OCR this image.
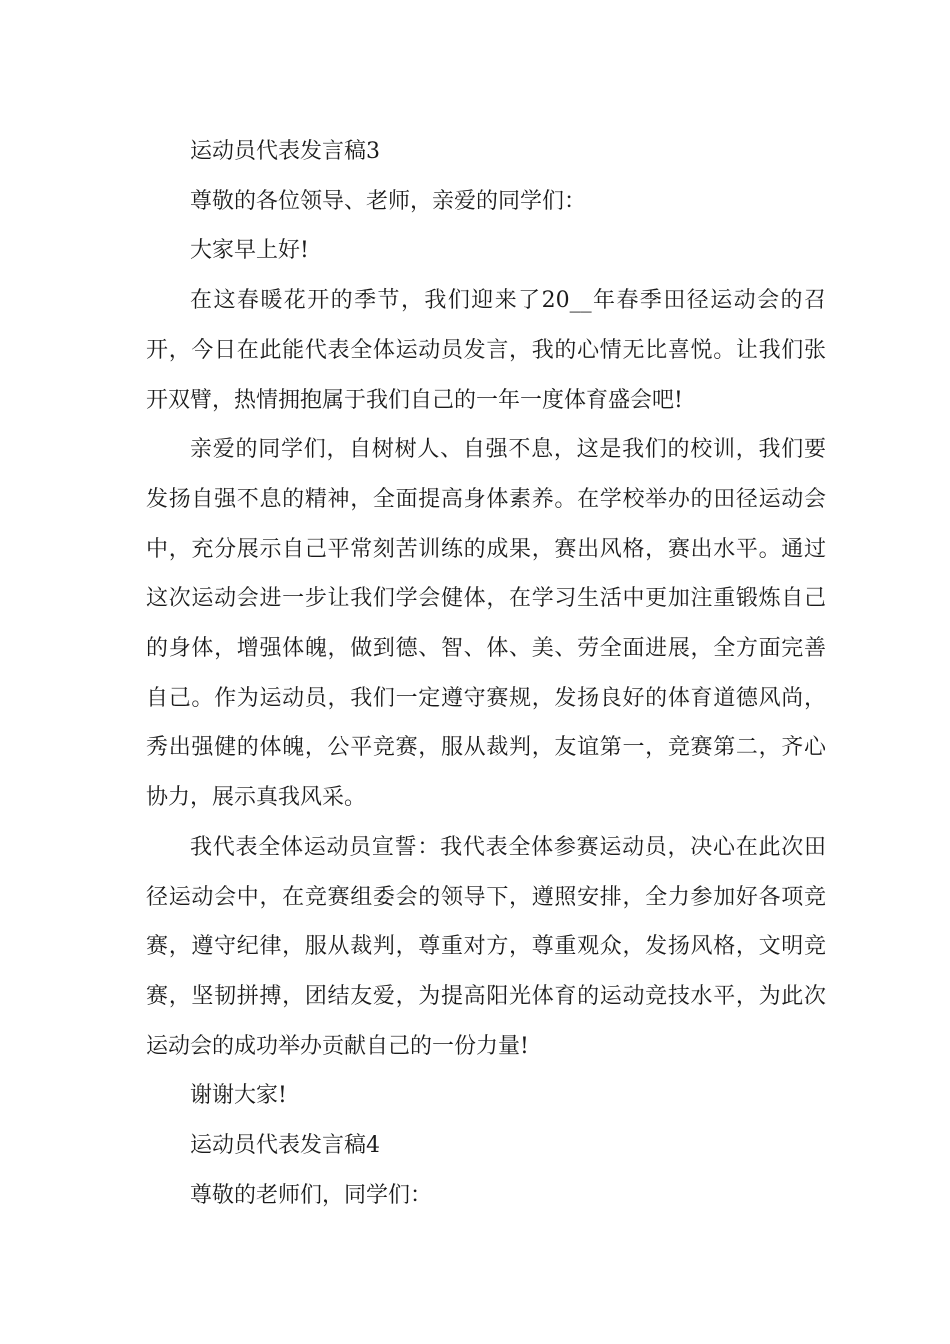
运动员代表发言稿3

尊敬的各位领导、老师，亲爱的同学们：

大家早上好!

在这春暖花开的季节，我们迎来了20__年春季田径运动会的召开，今日在此能代表全体运动员发言，我的心情无比喜悦。让我们张开双臂，热情拥抱属于我们自己的一年一度体育盛会吧!

亲爱的同学们，自树树人、自强不息，这是我们的校训，我们要发扬自强不息的精神，全面提高身体素养。在学校举办的田径运动会中，充分展示自己平常刻苦训练的成果，赛出风格，赛出水平。通过这次运动会进一步让我们学会健体，在学习生活中更加注重锻炼自己的身体，增强体魄，做到德、智、体、美、劳全面进展，全方面完善自己。作为运动员，我们一定遵守赛规，发扬良好的体育道德风尚，秀出强健的体魄，公平竞赛，服从裁判，友谊第一，竞赛第二，齐心协力，展示真我风采。

我代表全体运动员宣誓：我代表全体参赛运动员，决心在此次田径运动会中，在竞赛组委会的领导下，遵照安排，全力参加好各项竞赛，遵守纪律，服从裁判，尊重对方，尊重观众，发扬风格，文明竞赛，坚韧拼搏，团结友爱，为提高阳光体育的运动竞技水平，为此次运动会的成功举办贡献自己的一份力量!

谢谢大家!

运动员代表发言稿4

尊敬的老师们，同学们：
